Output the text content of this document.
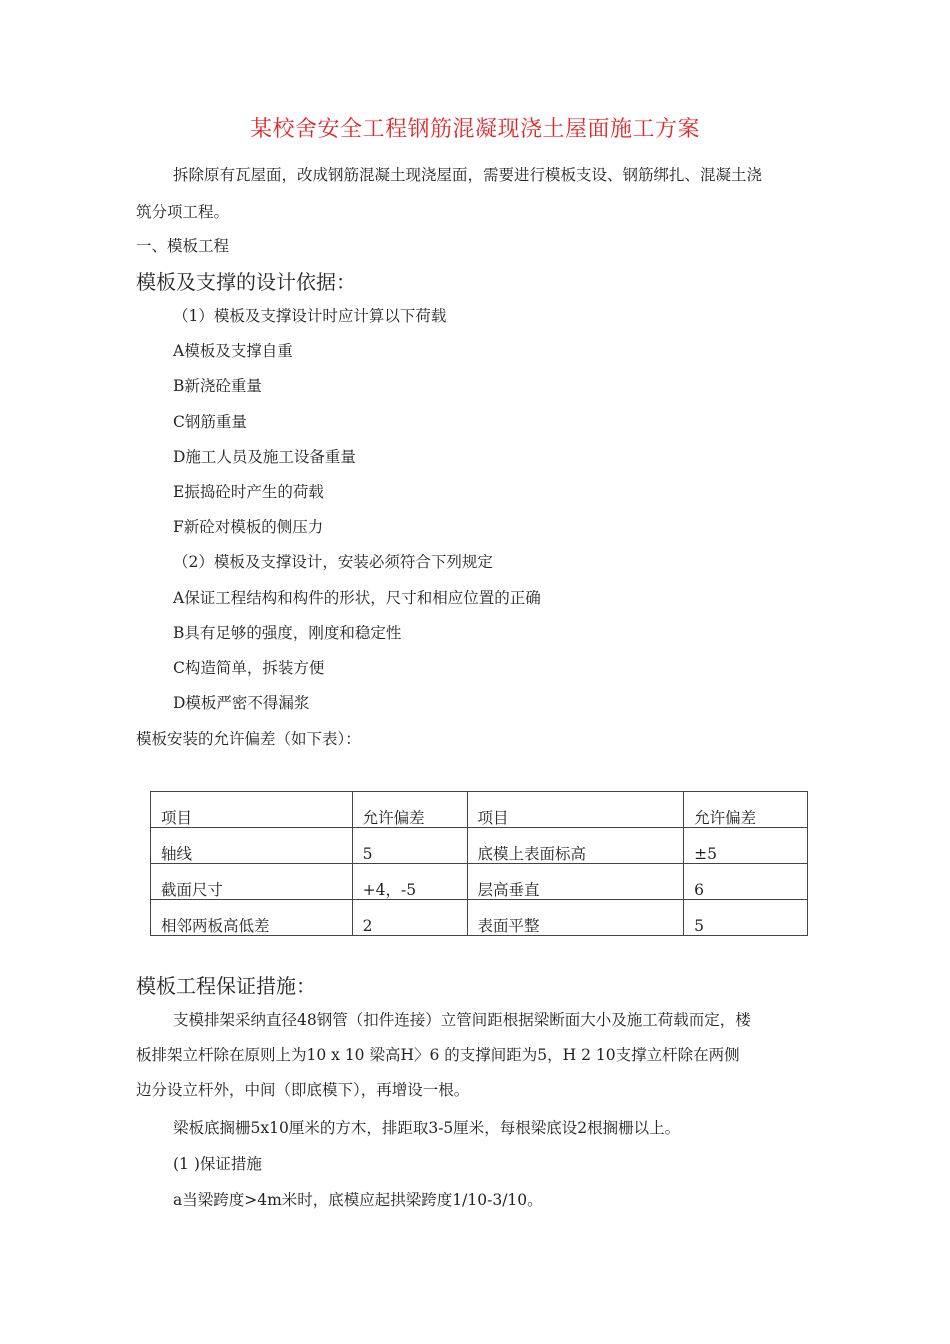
某校舍安全工程钢筋混凝现浇土屋面施工方案
拆除原有瓦屋面，改成钢筋混凝土现浇屋面，需要进行模板支设、钢筋绑扎、混凝土浇
筑分项工程。
一、模板工程
模板及支撑的设计依据：
（1）模板及支撑设计时应计算以下荷载
A模板及支撑自重
B新浇砼重量
C钢筋重量
D施工人员及施工设备重量
E振捣砼时产生的荷载
F新砼对模板的侧压力
（2）模板及支撑设计，安装必须符合下列规定
A保证工程结构和构件的形状，尺寸和相应位置的正确
B具有足够的强度，刚度和稳定性
C构造简单，拆装方便
D模板严密不得漏浆
模板安装的允许偏差（如下表）：
项目	允许偏差	项目	允许偏差
轴线	5	底模上表面标高	±5
截面尺寸	+4，-5	层高垂直	6
相邻两板高低差	2	表面平整	5
模板工程保证措施：
支模排架采纳直径48钢管（扣件连接）立管间距根据梁断面大小及施工荷载而定，楼
板排架立杆除在原则上为10 x 10 梁高H〉6 的支撑间距为5，H 2 10支撑立杆除在两侧
边分设立杆外，中间（即底模下），再增设一根。
梁板底搁栅5x10厘米的方木，排距取3-5厘米，每根梁底设2根搁栅以上。
(1 )保证措施
a当梁跨度>4m米时，底模应起拱梁跨度1/10-3/10。
